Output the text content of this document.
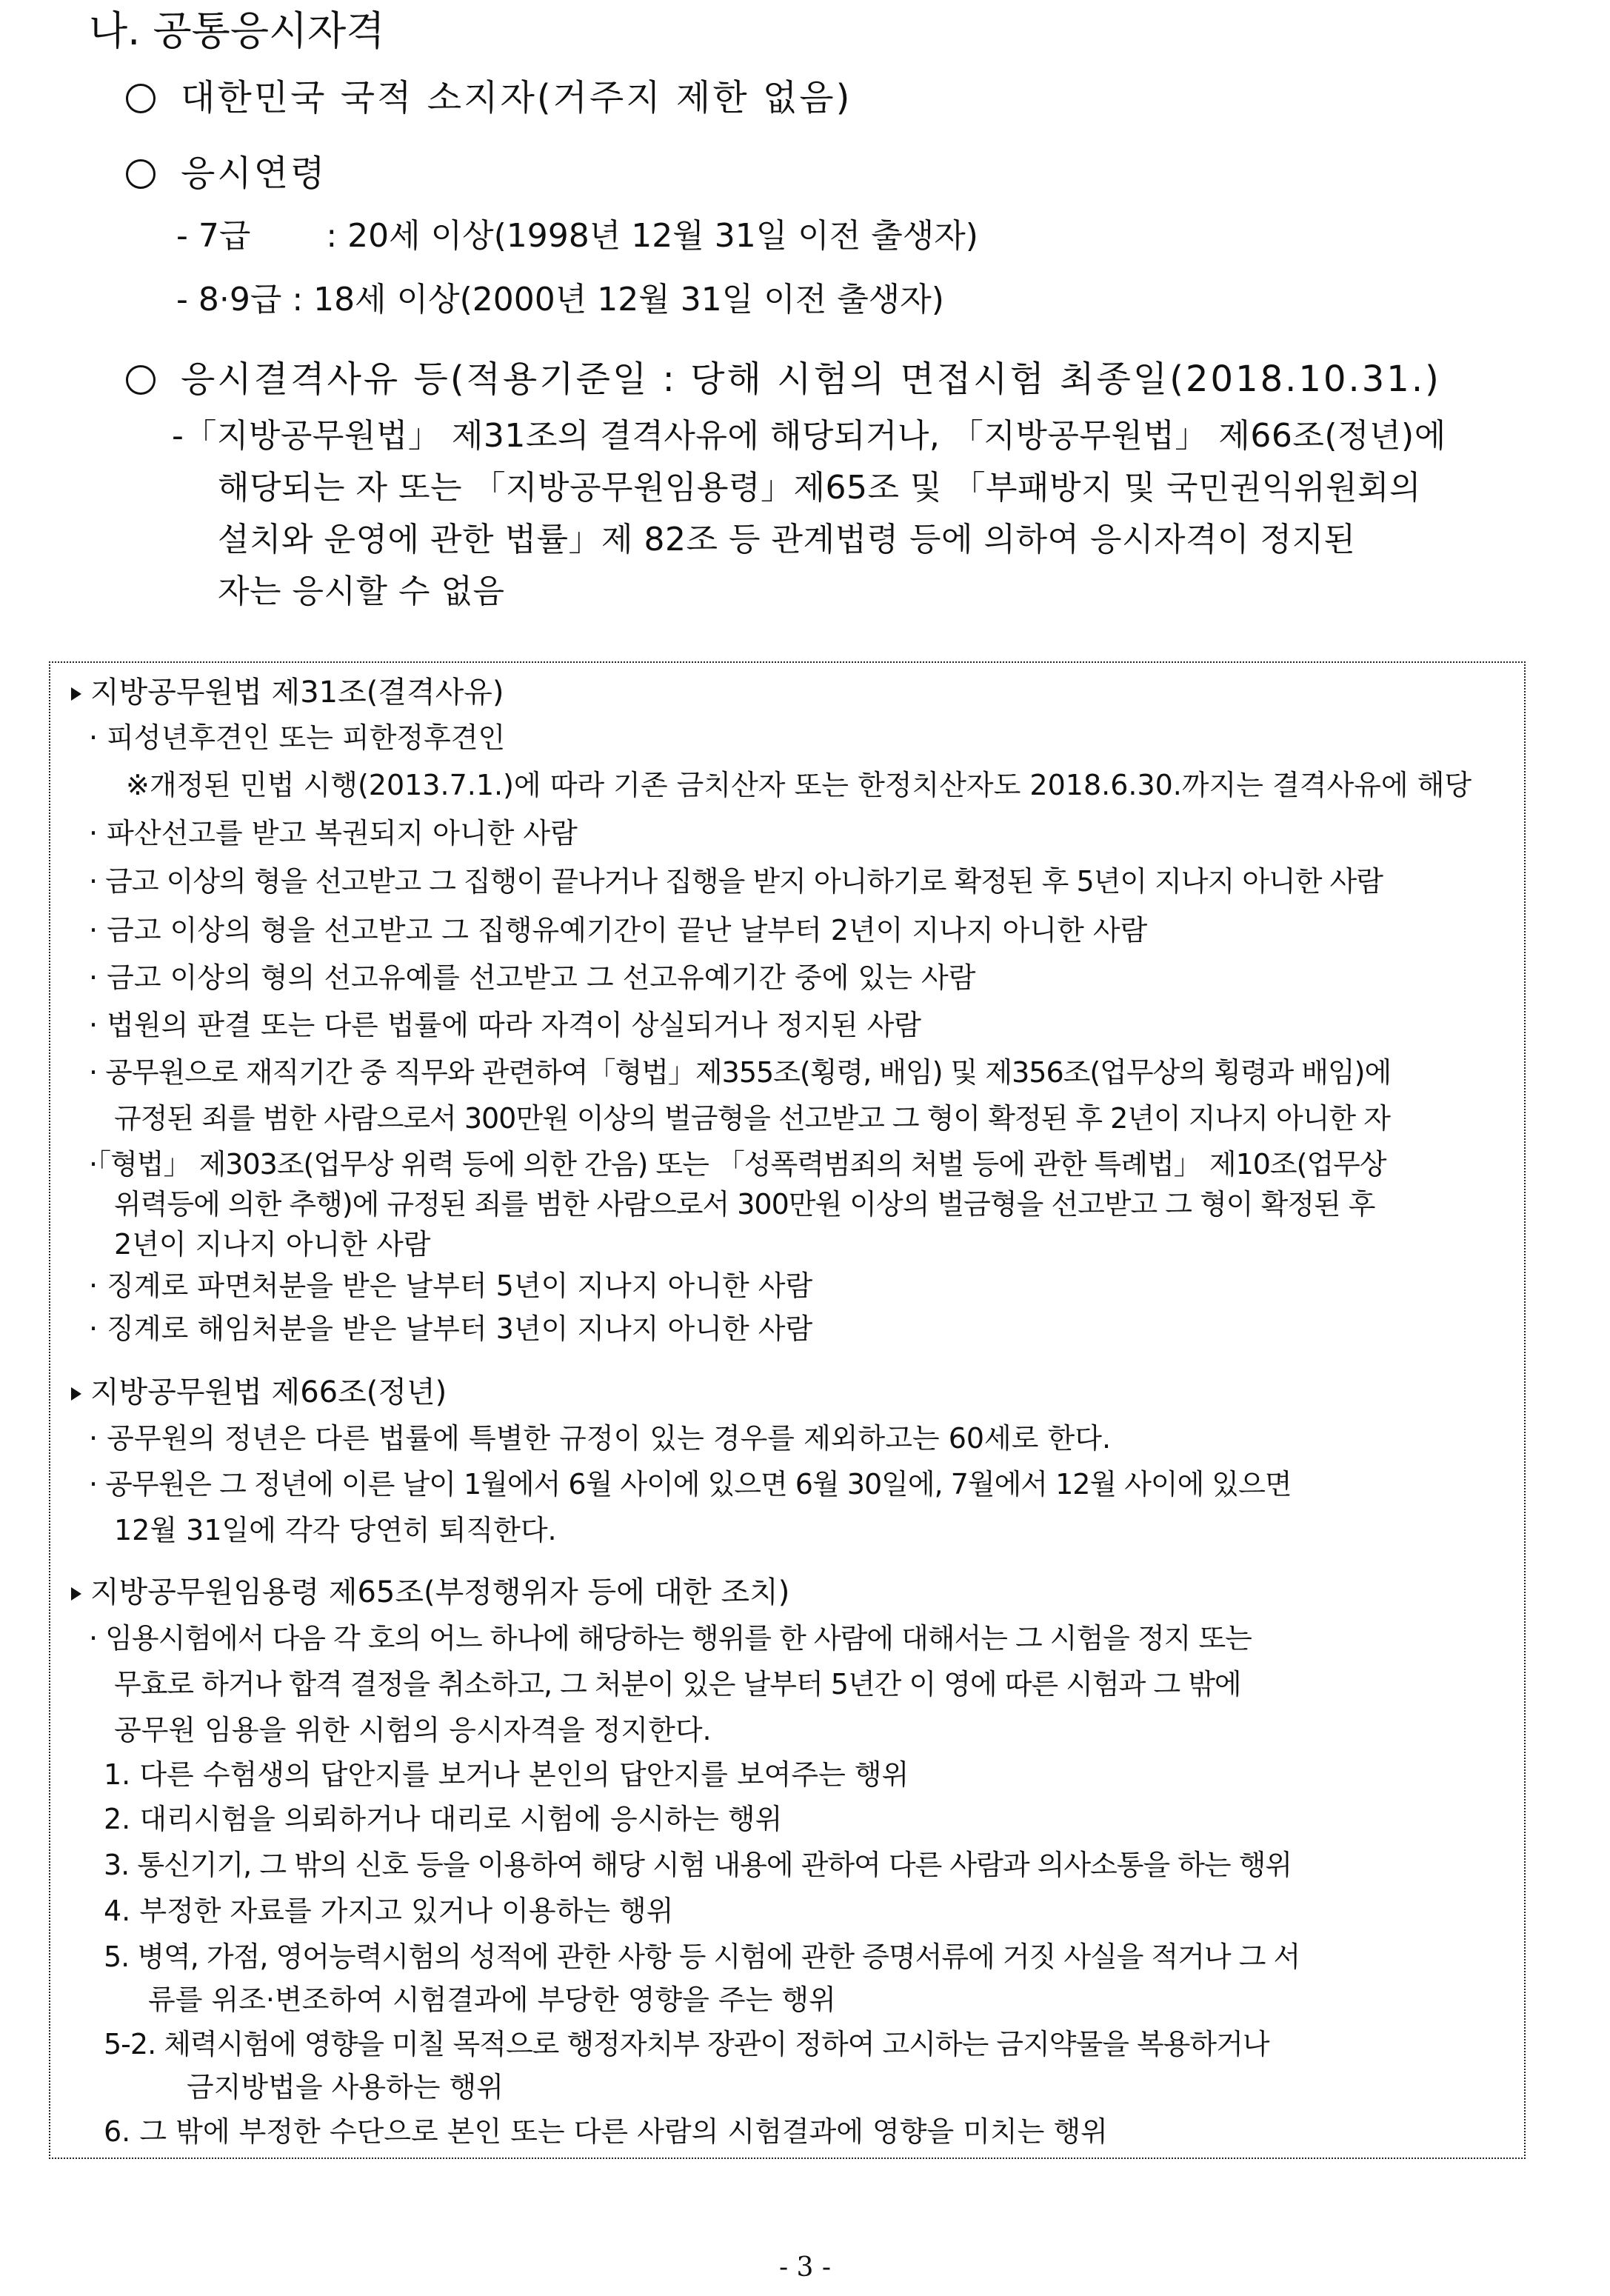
나. 공통응시자격
대한민국 국적 소지자(거주지 제한 없음)
응시연령
- 7급　　 : 20세 이상(1998년 12월 31일 이전 출생자)
- 8·9급 : 18세 이상(2000년 12월 31일 이전 출생자)
응시결격사유 등(적용기준일 : 당해 시험의 면접시험 최종일(2018.10.31.)
-「지방공무원법」 제31조의 결격사유에 해당되거나, 「지방공무원법」 제66조(정년)에
해당되는 자 또는 「지방공무원임용령」제65조 및 「부패방지 및 국민권익위원회의
설치와 운영에 관한 법률」제 82조 등 관계법령 등에 의하여 응시자격이 정지된
자는 응시할 수 없음
지방공무원법 제31조(결격사유)
· 피성년후견인 또는 피한정후견인
※개정된 민법 시행(2013.7.1.)에 따라 기존 금치산자 또는 한정치산자도 2018.6.30.까지는 결격사유에 해당
· 파산선고를 받고 복권되지 아니한 사람
· 금고 이상의 형을 선고받고 그 집행이 끝나거나 집행을 받지 아니하기로 확정된 후 5년이 지나지 아니한 사람
· 금고 이상의 형을 선고받고 그 집행유예기간이 끝난 날부터 2년이 지나지 아니한 사람
· 금고 이상의 형의 선고유예를 선고받고 그 선고유예기간 중에 있는 사람
· 법원의 판결 또는 다른 법률에 따라 자격이 상실되거나 정지된 사람
· 공무원으로 재직기간 중 직무와 관련하여「형법」제355조(횡령, 배임) 및 제356조(업무상의 횡령과 배임)에
규정된 죄를 범한 사람으로서 300만원 이상의 벌금형을 선고받고 그 형이 확정된 후 2년이 지나지 아니한 자
·「형법」 제303조(업무상 위력 등에 의한 간음) 또는 「성폭력범죄의 처벌 등에 관한 특례법」 제10조(업무상
위력등에 의한 추행)에 규정된 죄를 범한 사람으로서 300만원 이상의 벌금형을 선고받고 그 형이 확정된 후
2년이 지나지 아니한 사람
· 징계로 파면처분을 받은 날부터 5년이 지나지 아니한 사람
· 징계로 해임처분을 받은 날부터 3년이 지나지 아니한 사람
지방공무원법 제66조(정년)
· 공무원의 정년은 다른 법률에 특별한 규정이 있는 경우를 제외하고는 60세로 한다.
· 공무원은 그 정년에 이른 날이 1월에서 6월 사이에 있으면 6월 30일에, 7월에서 12월 사이에 있으면
12월 31일에 각각 당연히 퇴직한다.
지방공무원임용령 제65조(부정행위자 등에 대한 조치)
· 임용시험에서 다음 각 호의 어느 하나에 해당하는 행위를 한 사람에 대해서는 그 시험을 정지 또는
무효로 하거나 합격 결정을 취소하고, 그 처분이 있은 날부터 5년간 이 영에 따른 시험과 그 밖에
공무원 임용을 위한 시험의 응시자격을 정지한다.
1. 다른 수험생의 답안지를 보거나 본인의 답안지를 보여주는 행위
2. 대리시험을 의뢰하거나 대리로 시험에 응시하는 행위
3. 통신기기, 그 밖의 신호 등을 이용하여 해당 시험 내용에 관하여 다른 사람과 의사소통을 하는 행위
4. 부정한 자료를 가지고 있거나 이용하는 행위
5. 병역, 가점, 영어능력시험의 성적에 관한 사항 등 시험에 관한 증명서류에 거짓 사실을 적거나 그 서
류를 위조·변조하여 시험결과에 부당한 영향을 주는 행위
5-2. 체력시험에 영향을 미칠 목적으로 행정자치부 장관이 정하여 고시하는 금지약물을 복용하거나
금지방법을 사용하는 행위
6. 그 밖에 부정한 수단으로 본인 또는 다른 사람의 시험결과에 영향을 미치는 행위
- 3 -
